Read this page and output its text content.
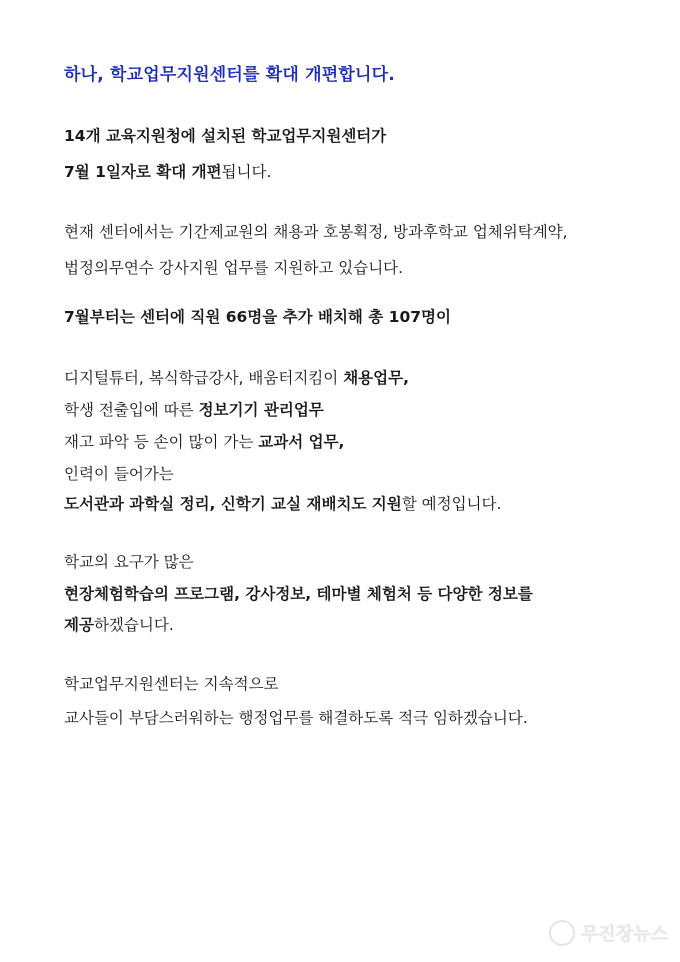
하나, 학교업무지원센터를 확대 개편합니다.
14개 교육지원청에 설치된 학교업무지원센터가
7월 1일자로 확대 개편됩니다.
현재 센터에서는 기간제교원의 채용과 호봉획정, 방과후학교 업체위탁계약,
법정의무연수 강사지원 업무를 지원하고 있습니다.
7월부터는 센터에 직원 66명을 추가 배치해 총 107명이
디지털튜터, 복식학급강사, 배움터지킴이 채용업무,
학생 전출입에 따른 정보기기 관리업무
재고 파악 등 손이 많이 가는 교과서 업무,
인력이 들어가는
도서관과 과학실 정리, 신학기 교실 재배치도 지원할 예정입니다.
학교의 요구가 많은
현장체험학습의 프로그램, 강사정보, 테마별 체험처 등 다양한 정보를
제공하겠습니다.
학교업무지원센터는 지속적으로
교사들이 부담스러워하는 행정업무를 해결하도록 적극 임하겠습니다.
무진장뉴스
